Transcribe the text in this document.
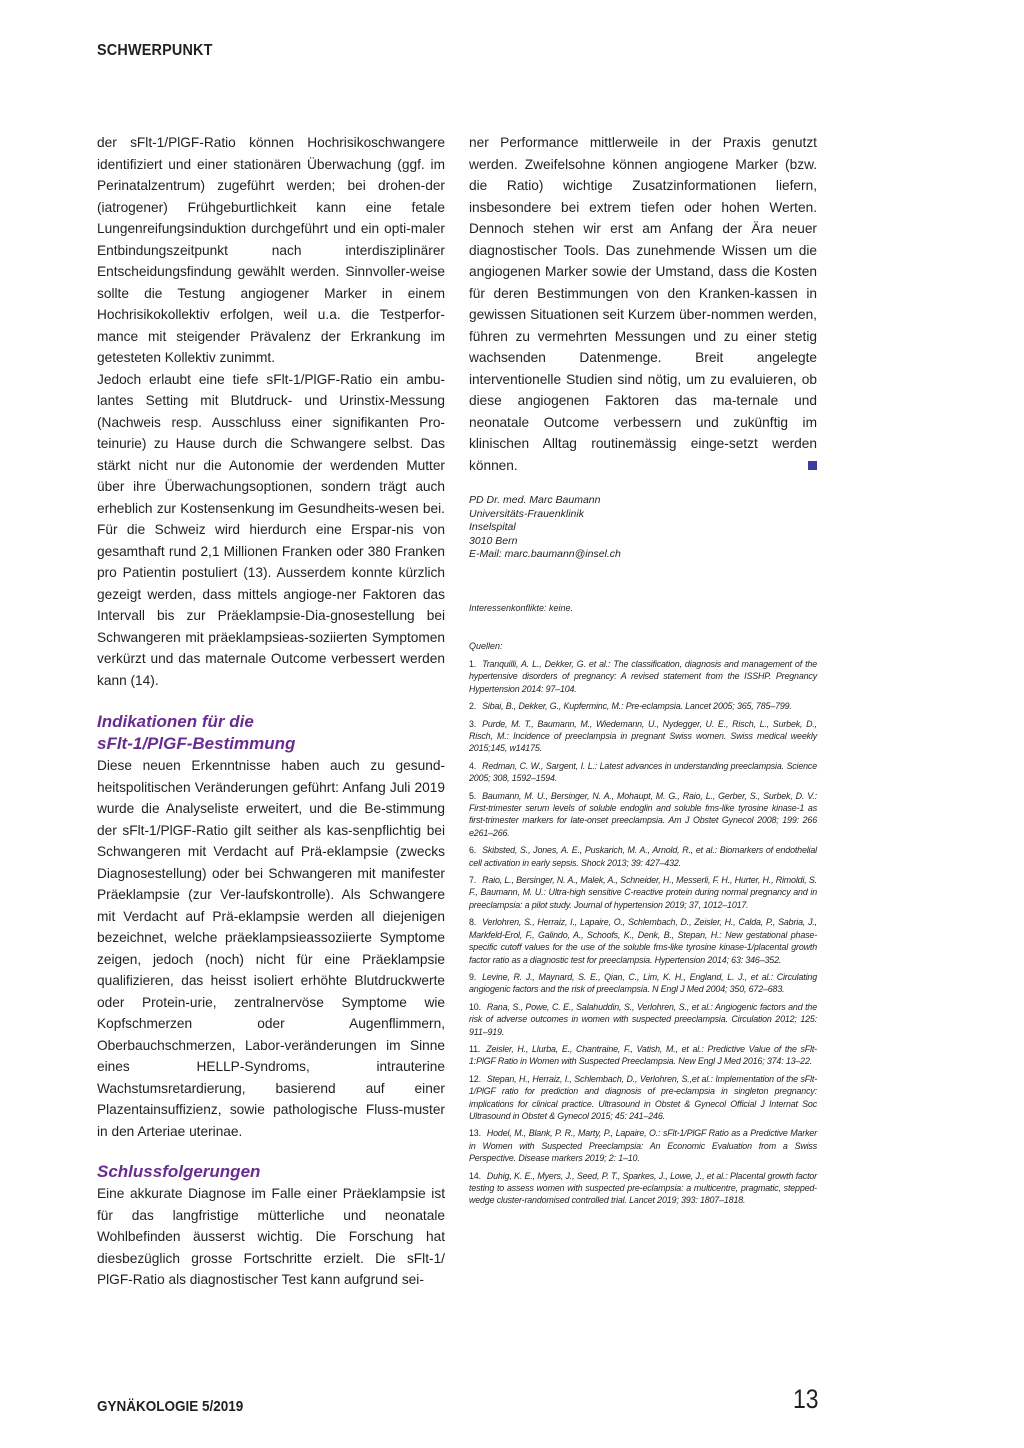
SCHWERPUNKT

der sFlt-1/PlGF-Ratio können Hochrisikoschwangere identifiziert und einer stationären Überwachung (ggf. im Perinatalzentrum) zugeführt werden; bei drohen-der (iatrogener) Frühgeburtlichkeit kann eine fetale Lungenreifungsinduktion durchgeführt und ein opti-maler Entbindungszeitpunkt nach interdisziplinärer Entscheidungsfindung gewählt werden. Sinnvoller-weise sollte die Testung angiogener Marker in einem Hochrisikokollektiv erfolgen, weil u.a. die Testperfor-mance mit steigender Prävalenz der Erkrankung im getesteten Kollektiv zunimmt.

Jedoch erlaubt eine tiefe sFlt-1/PlGF-Ratio ein ambu-lantes Setting mit Blutdruck- und Urinstix-Messung (Nachweis resp. Ausschluss einer signifikanten Pro-teinurie) zu Hause durch die Schwangere selbst. Das stärkt nicht nur die Autonomie der werdenden Mutter über ihre Überwachungsoptionen, sondern trägt auch erheblich zur Kostensenkung im Gesundheits-wesen bei. Für die Schweiz wird hierdurch eine Erspar-nis von gesamthaft rund 2,1 Millionen Franken oder 380 Franken pro Patientin postuliert (13). Ausserdem konnte kürzlich gezeigt werden, dass mittels angioge-ner Faktoren das Intervall bis zur Präeklampsie-Dia-gnosestellung bei Schwangeren mit präeklampsieas-soziierten Symptomen verkürzt und das maternale Outcome verbessert werden kann (14).

Indikationen für die
sFlt-1/PlGF-Bestimmung

Diese neuen Erkenntnisse haben auch zu gesund-heitspolitischen Veränderungen geführt: Anfang Juli 2019 wurde die Analyseliste erweitert, und die Be-stimmung der sFlt-1/PlGF-Ratio gilt seither als kas-senpflichtig bei Schwangeren mit Verdacht auf Prä-eklampsie (zwecks Diagnosestellung) oder bei Schwangeren mit manifester Präeklampsie (zur Ver-laufskontrolle). Als Schwangere mit Verdacht auf Prä-eklampsie werden all diejenigen bezeichnet, welche präeklampsieassoziierte Symptome zeigen, jedoch (noch) nicht für eine Präeklampsie qualifizieren, das heisst isoliert erhöhte Blutdruckwerte oder Protein-urie, zentralnervöse Symptome wie Kopfschmerzen oder Augenflimmern, Oberbauchschmerzen, Labor-veränderungen im Sinne eines HELLP-Syndroms, intrauterine Wachstumsretardierung, basierend auf einer Plazentainsuffizienz, sowie pathologische Fluss-muster in den Arteriae uterinae.

Schlussfolgerungen

Eine akkurate Diagnose im Falle einer Präeklampsie ist für das langfristige mütterliche und neonatale Wohlbefinden äusserst wichtig. Die Forschung hat diesbezüglich grosse Fortschritte erzielt. Die sFlt-1/ PlGF-Ratio als diagnostischer Test kann aufgrund sei-

ner Performance mittlerweile in der Praxis genutzt werden. Zweifelsohne können angiogene Marker (bzw. die Ratio) wichtige Zusatzinformationen liefern, insbesondere bei extrem tiefen oder hohen Werten. Dennoch stehen wir erst am Anfang der Ära neuer diagnostischer Tools. Das zunehmende Wissen um die angiogenen Marker sowie der Umstand, dass die Kosten für deren Bestimmungen von den Kranken-kassen in gewissen Situationen seit Kurzem über-nommen werden, führen zu vermehrten Messungen und zu einer stetig wachsenden Datenmenge. Breit angelegte interventionelle Studien sind nötig, um zu evaluieren, ob diese angiogenen Faktoren das ma-ternale und neonatale Outcome verbessern und zukünftig im klinischen Alltag routinemässig einge-setzt werden können.

PD Dr. med. Marc Baumann
Universitäts-Frauenklinik
Inselspital
3010 Bern
E-Mail: marc.baumann@insel.ch
Interessenkonflikte: keine.
Quellen:

1. Tranquilli, A. L., Dekker, G. et al.: The classification, diagnosis and management of the hypertensive disorders of pregnancy: A revised statement from the ISSHP. Pregnancy Hypertension 2014: 97–104.

2. Sibai, B., Dekker, G., Kupferminc, M.: Pre-eclampsia. Lancet 2005; 365, 785–799.

3. Purde, M. T., Baumann, M., Wiedemann, U., Nydegger, U. E., Risch, L., Surbek, D., Risch, M.: Incidence of preeclampsia in pregnant Swiss women. Swiss medical weekly 2015;145, w14175.

4. Redman, C. W., Sargent, I. L.: Latest advances in understanding preeclampsia. Science 2005; 308, 1592–1594.

5. Baumann, M. U., Bersinger, N. A., Mohaupt, M. G., Raio, L., Gerber, S., Surbek, D. V.: First-trimester serum levels of soluble endoglin and soluble fms-like tyrosine kinase-1 as first-trimester markers for late-onset preeclampsia. Am J Obstet Gynecol 2008; 199: 266 e261–266.

6. Skibsted, S., Jones, A. E., Puskarich, M. A., Arnold, R., et al.: Biomarkers of endothelial cell activation in early sepsis. Shock 2013; 39: 427–432.

7. Raio, L., Bersinger, N. A., Malek, A., Schneider, H., Messerli, F. H., Hurter, H., Rimoldi, S. F., Baumann, M. U.: Ultra-high sensitive C-reactive protein during normal pregnancy and in preeclampsia: a pilot study. Journal of hypertension 2019; 37, 1012–1017.

8. Verlohren, S., Herraiz, I., Lapaire, O., Schlembach, D., Zeisler, H., Calda, P., Sabria, J., Markfeld-Erol, F., Galindo, A., Schoofs, K., Denk, B., Stepan, H.: New gestational phase-specific cutoff values for the use of the soluble fms-like tyrosine kinase-1/placental growth factor ratio as a diagnostic test for preeclampsia. Hypertension 2014; 63: 346–352.

9. Levine, R. J., Maynard, S. E., Qian, C., Lim, K. H., England, L. J., et al.: Circulating angiogenic factors and the risk of preeclampsia. N Engl J Med 2004; 350, 672–683.

10. Rana, S., Powe, C. E., Salahuddin, S., Verlohren, S., et al.: Angiogenic factors and the risk of adverse outcomes in women with suspected preeclampsia. Circulation 2012; 125: 911–919.

11. Zeisler, H., Llurba, E., Chantraine, F., Vatish, M., et al.: Predictive Value of the sFlt-1:PlGF Ratio in Women with Suspected Preeclampsia. New Engl J Med 2016; 374: 13–22.

12. Stepan, H., Herraiz, I., Schlembach, D., Verlohren, S.,et al.: Implementation of the sFlt-1/PlGF ratio for prediction and diagnosis of pre-eclampsia in singleton pregnancy: implications for clinical practice. Ultrasound in Obstet & Gynecol Official J Internat Soc Ultrasound in Obstet & Gynecol 2015; 45: 241–246.

13. Hodel, M., Blank, P. R., Marty, P., Lapaire, O.: sFlt-1/PlGF Ratio as a Predictive Marker in Women with Suspected Preeclampsia: An Economic Evaluation from a Swiss Perspective. Disease markers 2019; 2: 1–10.

14. Duhig, K. E., Myers, J., Seed, P. T., Sparkes, J., Lowe, J., et al.: Placental growth factor testing to assess women with suspected pre-eclampsia: a multicentre, pragmatic, stepped-wedge cluster-randomised controlled trial. Lancet 2019; 393: 1807–1818.

GYNÄKOLOGIE 5/2019	13
